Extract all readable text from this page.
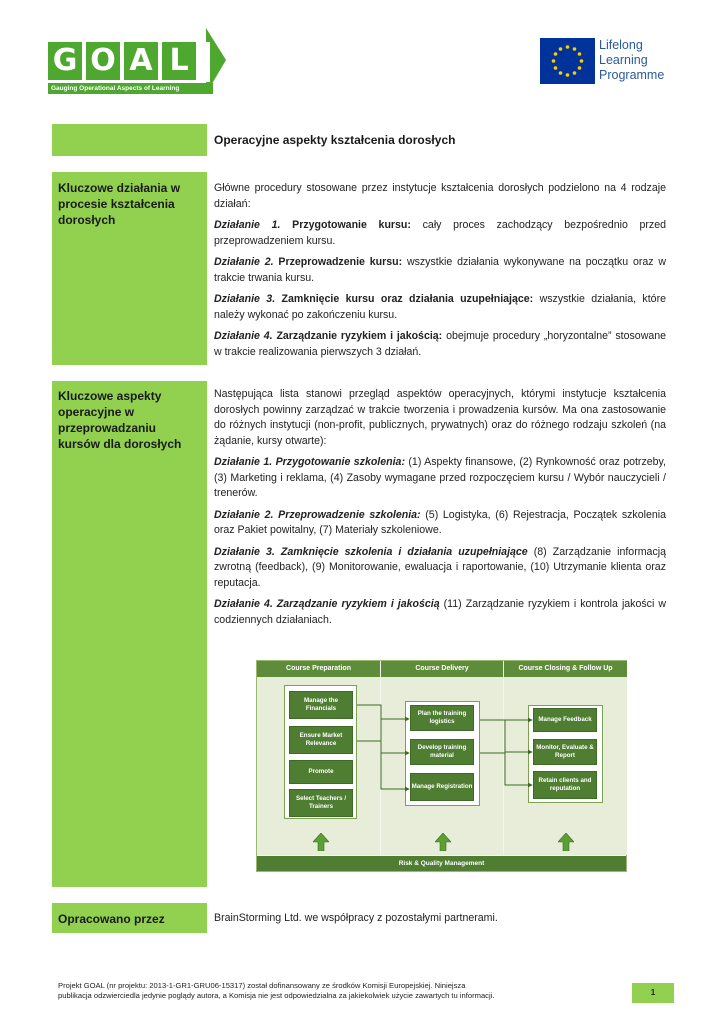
G O A L
Gauging Operational Aspects of Learning
Lifelong
Learning
Programme
Operacyjne aspekty kształcenia dorosłych
Kluczowe działania w procesie kształcenia dorosłych

Główne procedury stosowane przez instytucje kształcenia dorosłych podzielono na 4 rodzaje działań:

Działanie 1. Przygotowanie kursu: cały proces zachodzący bezpośrednio przed przeprowadzeniem kursu.

Działanie 2. Przeprowadzenie kursu: wszystkie działania wykonywane na początku oraz w trakcie trwania kursu.

Działanie 3. Zamknięcie kursu oraz działania uzupełniające: wszystkie działania, które należy wykonać po zakończeniu kursu.

Działanie 4. Zarządzanie ryzykiem i jakością: obejmuje procedury „horyzontalne” stosowane w trakcie realizowania pierwszych 3 działań.

Kluczowe aspekty operacyjne w przeprowadzaniu kursów dla dorosłych

Następująca lista stanowi przegląd aspektów operacyjnych, którymi instytucje kształcenia dorosłych powinny zarządzać w trakcie tworzenia i prowadzenia kursów. Ma ona zastosowanie do różnych instytucji (non-profit, publicznych, prywatnych) oraz do różnego rodzaju szkoleń (na żądanie, kursy otwarte):

Działanie 1. Przygotowanie szkolenia: (1) Aspekty finansowe, (2) Rynkowność oraz potrzeby, (3) Marketing i reklama, (4) Zasoby wymagane przed rozpoczęciem kursu / Wybór nauczycieli / trenerów.

Działanie 2. Przeprowadzenie szkolenia: (5) Logistyka, (6) Rejestracja, Początek szkolenia oraz Pakiet powitalny, (7) Materiały szkoleniowe.

Działanie 3. Zamknięcie szkolenia i działania uzupełniające (8) Zarządzanie informacją zwrotną (feedback), (9) Monitorowanie, ewaluacja i raportowanie, (10) Utrzymanie klienta oraz reputacja.

Działanie 4. Zarządzanie ryzykiem i jakością (11) Zarządzanie ryzykiem i kontrola jakości w codziennych działaniach.

Course Preparation	Course Delivery	Course Closing & Follow Up
Manage the Financials
Ensure Market Relevance
Promote
Select Teachers / Trainers
Plan the training logistics
Develop training material
Manage Registration
Manage Feedback
Monitor, Evaluate & Report
Retain clients and reputation
Risk & Quality Management
Opracowano przez	BrainStorming Ltd. we współpracy z pozostałymi partnerami.
Projekt GOAL (nr projektu: 2013-1-GR1-GRU06-15317) został dofinansowany ze środków Komisji Europejskiej. Niniejsza
publikacja odzwierciedla jedynie poglądy autora, a Komisja nie jest odpowiedzialna za jakiekolwiek użycie zawartych tu informacji.	1
